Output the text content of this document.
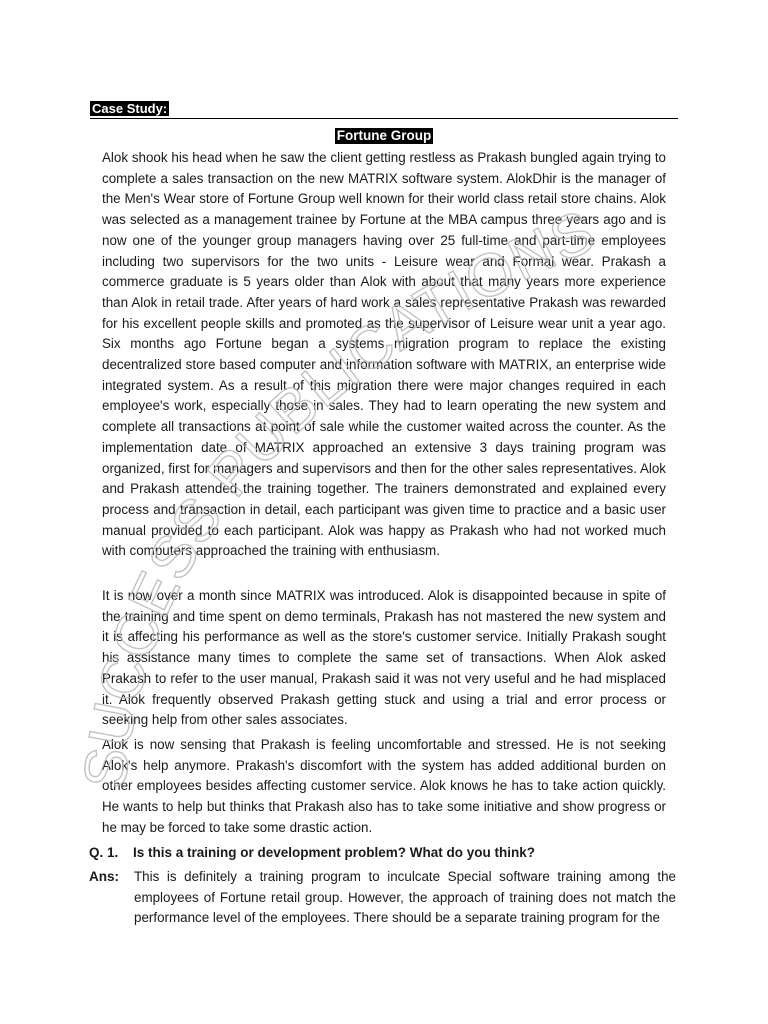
Case Study:
Fortune Group

Alok shook his head when he saw the client getting restless as Prakash bungled again trying to complete a sales transaction on the new MATRIX software system. AlokDhir is the manager of the Men's Wear store of Fortune Group well known for their world class retail store chains. Alok was selected as a management trainee by Fortune at the MBA campus three years ago and is now one of the younger group managers having over 25 full-time and part-time employees including two supervisors for the two units - Leisure wear and Formal wear. Prakash a commerce graduate is 5 years older than Alok with about that many years more experience than Alok in retail trade. After years of hard work a sales representative Prakash was rewarded for his excellent people skills and promoted as the supervisor of Leisure wear unit a year ago. Six months ago Fortune began a systems migration program to replace the existing decentralized store based computer and information software with MATRIX, an enterprise wide integrated system. As a result of this migration there were major changes required in each employee's work, especially those in sales. They had to learn operating the new system and complete all transactions at point of sale while the customer waited across the counter. As the implementation date of MATRIX approached an extensive 3 days training program was organized, first for managers and supervisors and then for the other sales representatives. Alok and Prakash attended the training together. The trainers demonstrated and explained every process and transaction in detail, each participant was given time to practice and a basic user manual provided to each participant. Alok was happy as Prakash who had not worked much with computers approached the training with enthusiasm.

It is now over a month since MATRIX was introduced. Alok is disappointed because in spite of the training and time spent on demo terminals, Prakash has not mastered the new system and it is affecting his performance as well as the store's customer service. Initially Prakash sought his assistance many times to complete the same set of transactions. When Alok asked Prakash to refer to the user manual, Prakash said it was not very useful and he had misplaced it. Alok frequently observed Prakash getting stuck and using a trial and error process or seeking help from other sales associates.

Alok is now sensing that Prakash is feeling uncomfortable and stressed. He is not seeking Alok's help anymore. Prakash's discomfort with the system has added additional burden on other employees besides affecting customer service. Alok knows he has to take action quickly. He wants to help but thinks that Prakash also has to take some initiative and show progress or he may be forced to take some drastic action.

Q. 1. Is this a training or development problem? What do you think?
Ans: This is definitely a training program to inculcate Special software training among the employees of Fortune retail group. However, the approach of training does not match the performance level of the employees. There should be a separate training program for the

SUCCESS PUBLICATIONS
